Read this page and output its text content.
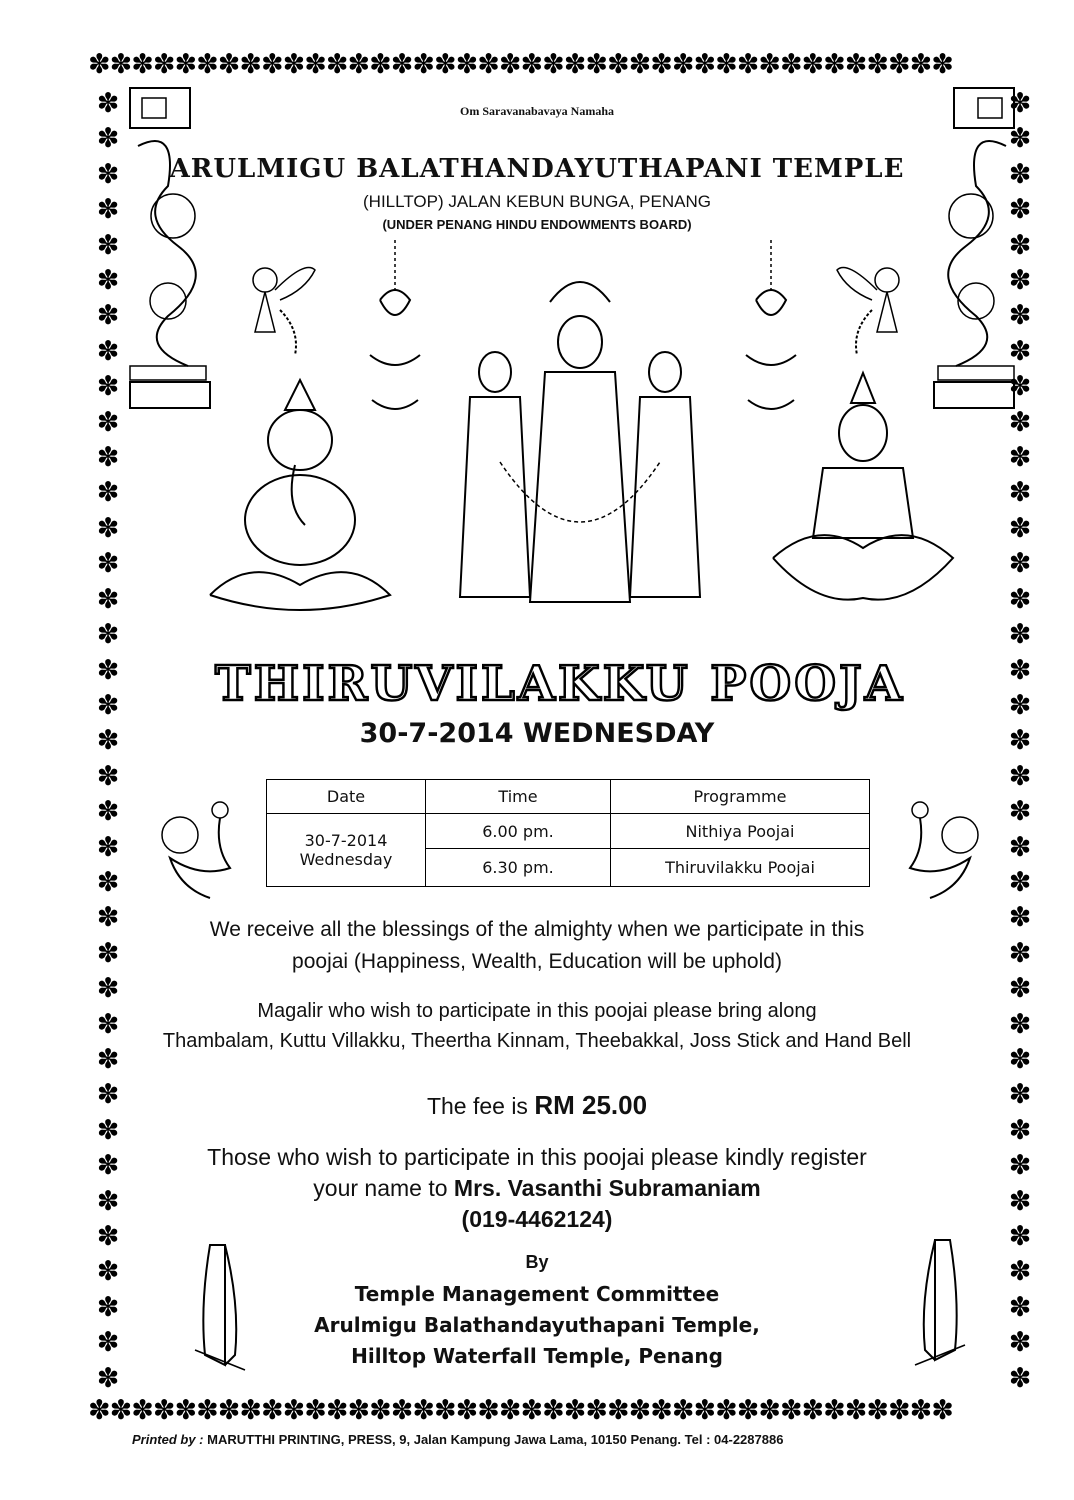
✽✽✽✽✽✽✽✽✽✽✽✽✽✽✽✽✽✽✽✽✽✽✽✽✽✽✽✽✽✽✽✽✽✽✽✽✽✽✽✽
✽✽✽✽✽✽✽✽✽✽✽✽✽✽✽✽✽✽✽✽✽✽✽✽✽✽✽✽✽✽✽✽✽✽✽✽✽✽✽✽
✽
✽
✽
✽
✽
✽
✽
✽
✽
✽
✽
✽
✽
✽
✽
✽
✽
✽
✽
✽
✽
✽
✽
✽
✽
✽
✽
✽
✽
✽
✽
✽
✽
✽
✽
✽
✽
✽
✽
✽
✽
✽
✽
✽
✽
✽
✽
✽
✽
✽
✽
✽
✽
✽
✽
✽
✽
✽
✽
✽
✽
✽
✽
✽
✽
✽
✽
✽
✽
✽
✽
✽
✽
✽
Om Saravanabavaya Namaha
ARULMIGU BALATHANDAYUTHAPANI TEMPLE
(HILLTOP) JALAN KEBUN BUNGA, PENANG
(UNDER PENANG HINDU ENDOWMENTS BOARD)
THIRUVILAKKU POOJA
30-7-2014 WEDNESDAY
Date	Time	Programme

30-7-2014
Wednesday	6.00 pm.	Nithiya Poojai
	6.30 pm.	Thiruvilakku Poojai
We receive all the blessings of the almighty when we participate in this
poojai (Happiness, Wealth, Education will be uphold)
Magalir who wish to participate in this poojai please bring along
Thambalam, Kuttu Villakku, Theertha Kinnam, Theebakkal, Joss Stick and Hand Bell
The fee is RM 25.00
Those who wish to participate in this poojai please kindly register
your name to Mrs. Vasanthi Subramaniam
(019-4462124)
By
Temple Management Committee
Arulmigu Balathandayuthapani Temple,
Hilltop Waterfall Temple, Penang
Printed by : MARUTTHI PRINTING, PRESS, 9, Jalan Kampung Jawa Lama, 10150 Penang. Tel : 04-2287886
